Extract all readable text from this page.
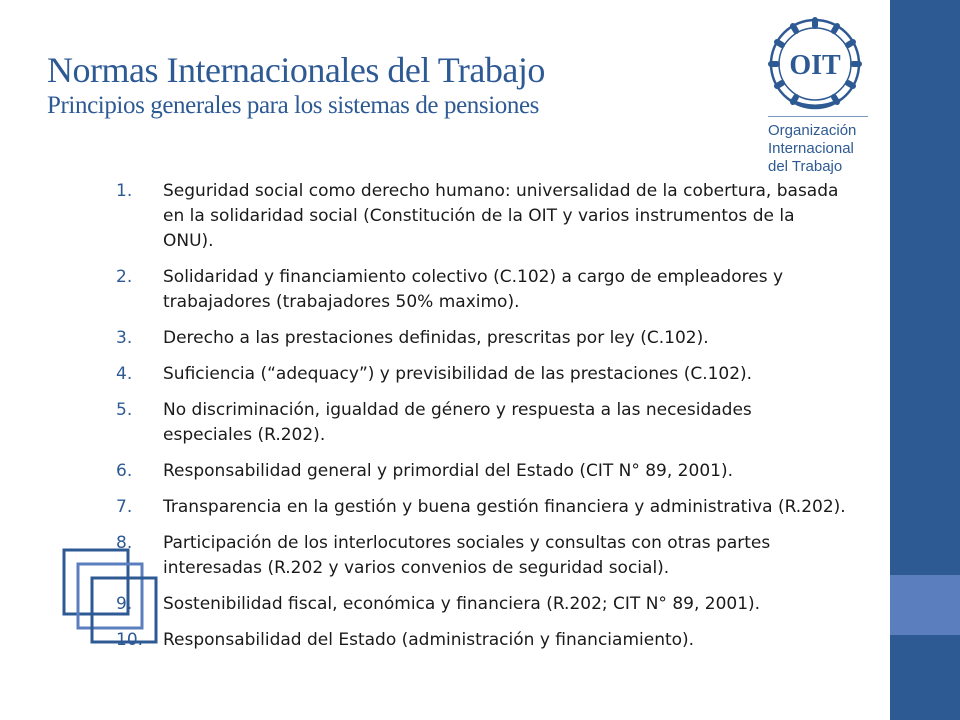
Normas Internacionales del Trabajo
Principios generales para los sistemas de pensiones
OIT
Organización
Internacional
del Trabajo
1. Seguridad social como derecho humano: universalidad de la cobertura, basada en la solidaridad social (Constitución de la OIT y varios instrumentos de la ONU).
2. Solidaridad y financiamiento colectivo (C.102) a cargo de empleadores y trabajadores (trabajadores 50% maximo).
3. Derecho a las prestaciones definidas, prescritas por ley (C.102).
4. Suficiencia (“adequacy”) y previsibilidad de las prestaciones (C.102).
5. No discriminación, igualdad de género y respuesta a las necesidades especiales (R.202).
6. Responsabilidad general y primordial del Estado (CIT N° 89, 2001).
7. Transparencia en la gestión y buena gestión financiera y administrativa (R.202).
8. Participación de los interlocutores sociales y consultas con otras partes interesadas (R.202 y varios convenios de seguridad social).
9. Sostenibilidad fiscal, económica y financiera (R.202; CIT N° 89, 2001).
10. Responsabilidad del Estado (administración y financiamiento).
